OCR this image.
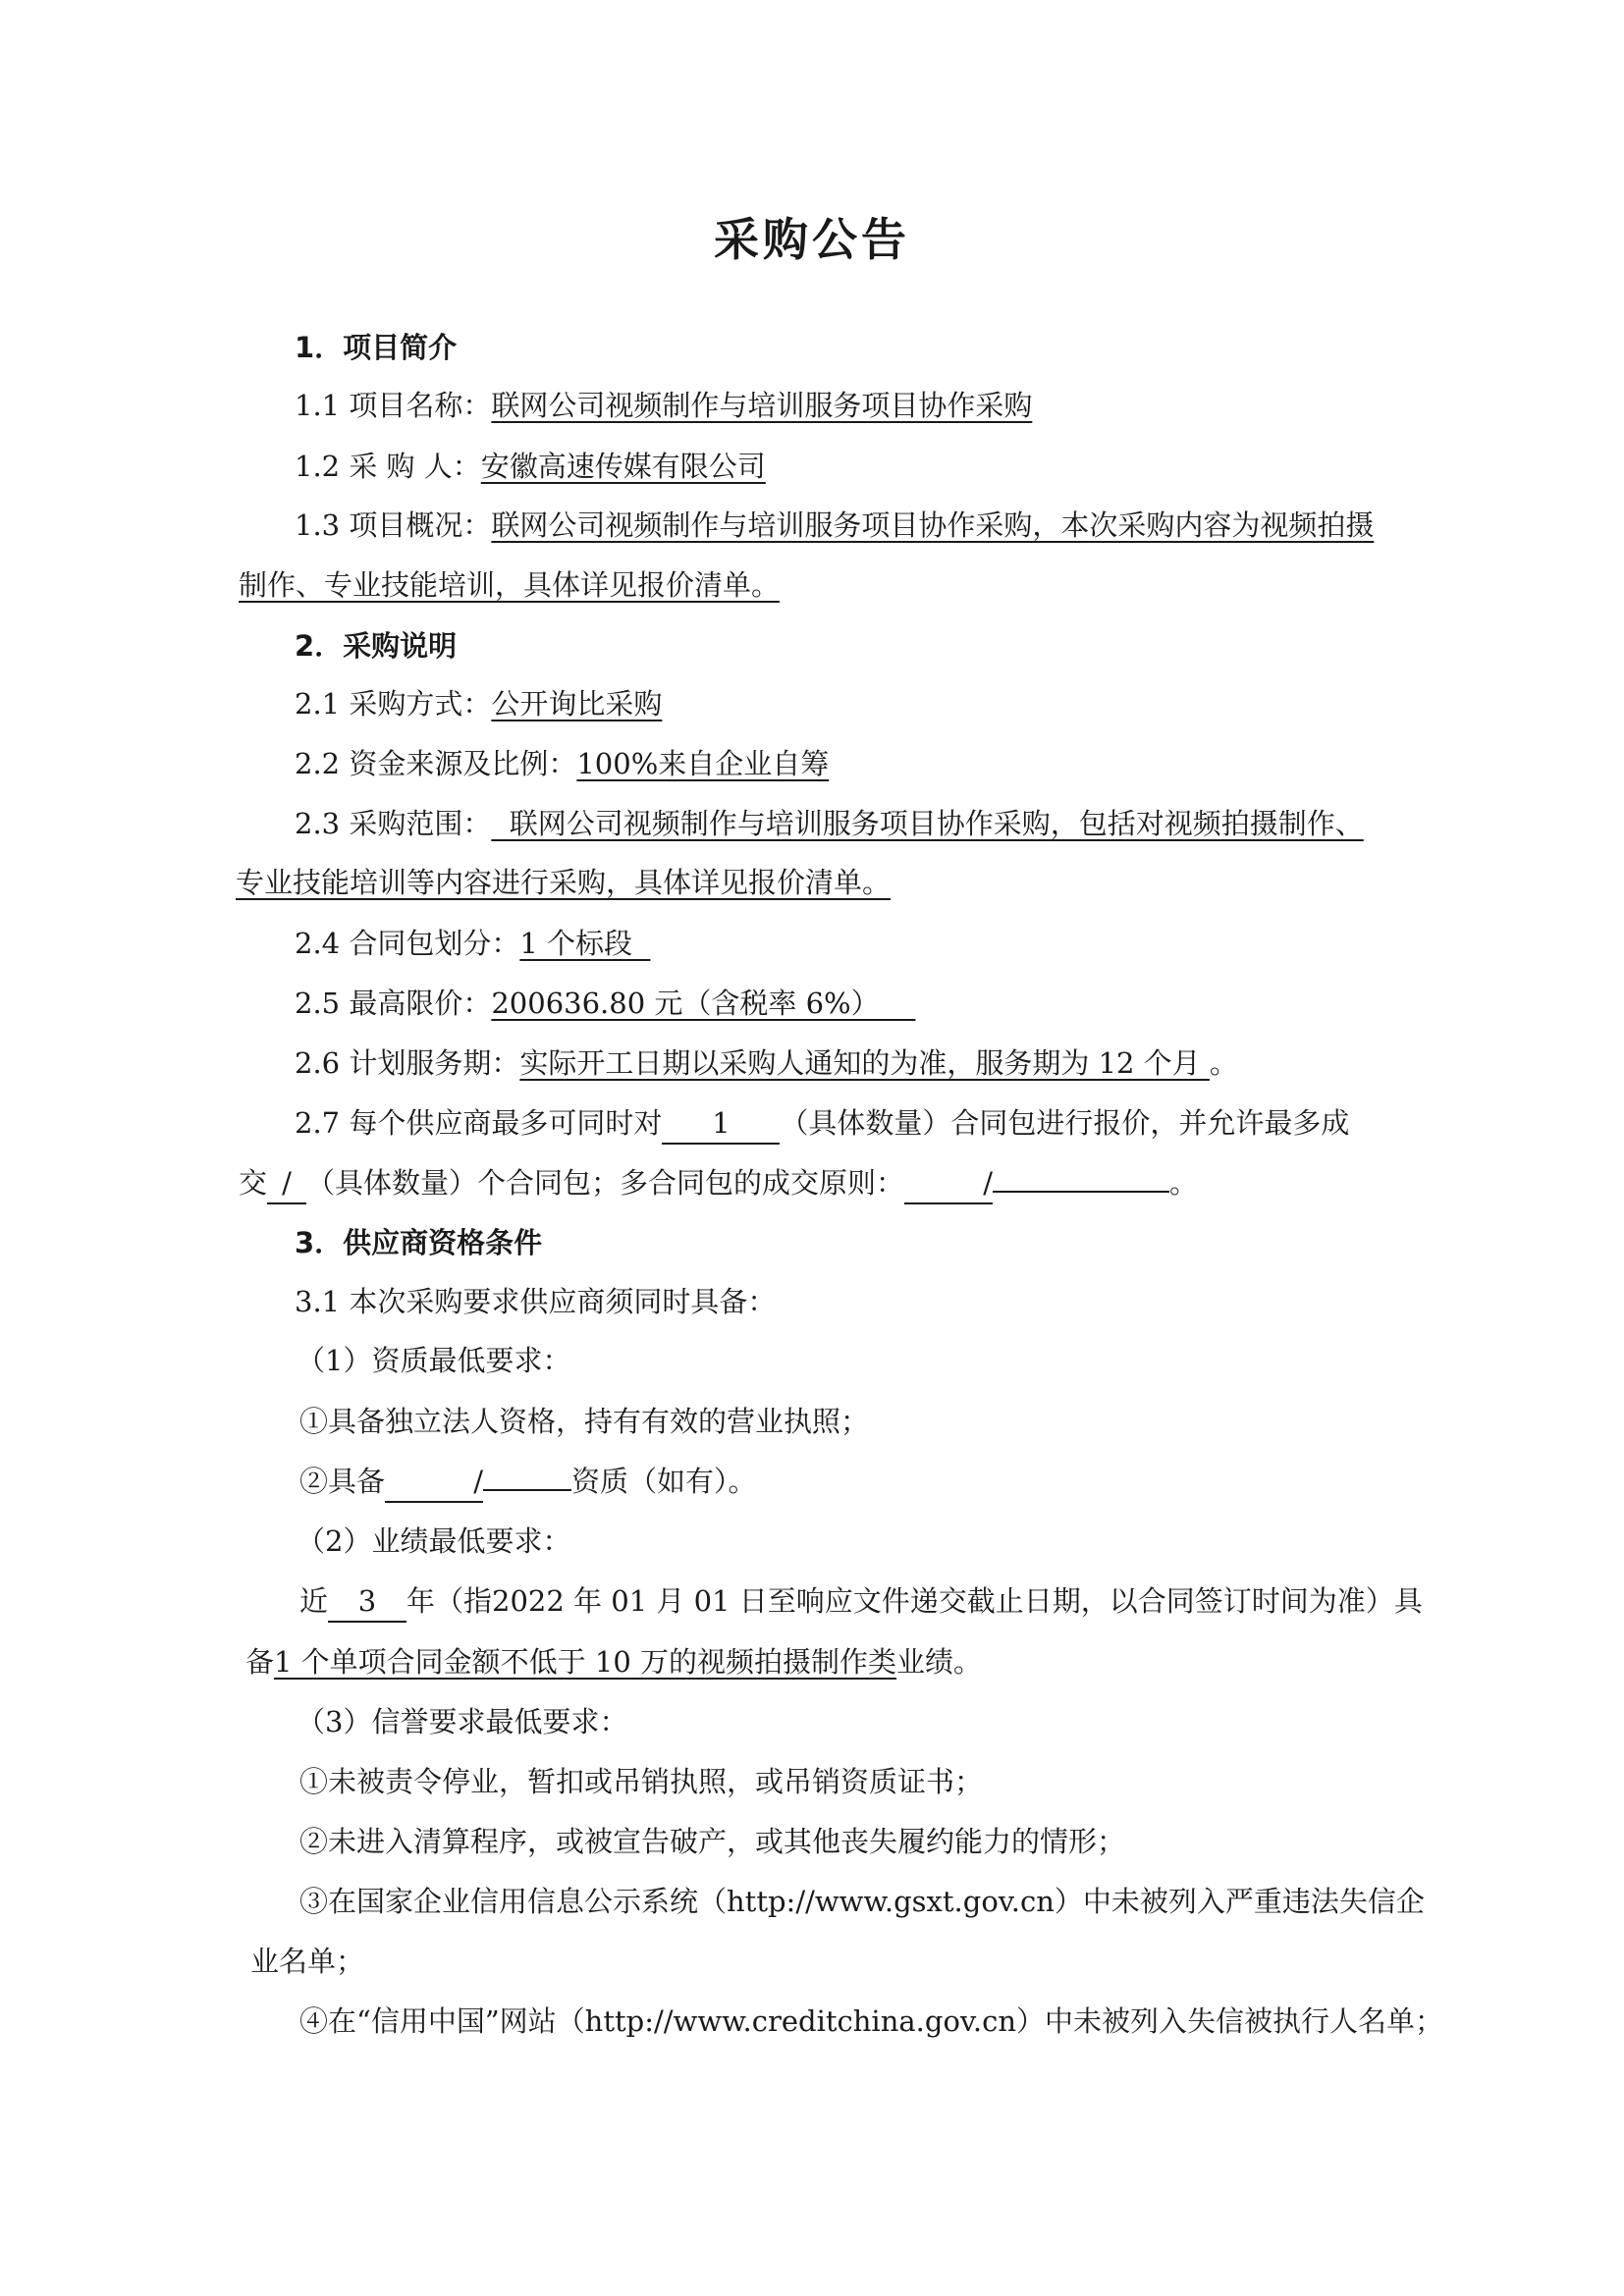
采购公告
1．项目简介
1.1 项目名称：联网公司视频制作与培训服务项目协作采购
1.2 采 购 人：安徽高速传媒有限公司
1.3 项目概况：联网公司视频制作与培训服务项目协作采购，本次采购内容为视频拍摄
制作、专业技能培训，具体详见报价清单。
2．采购说明
2.1 采购方式：公开询比采购
2.2 资金来源及比例：100%来自企业自筹
2.3 采购范围：  联网公司视频制作与培训服务项目协作采购，包括对视频拍摄制作、
专业技能培训等内容进行采购，具体详见报价清单。
2.4 合同包划分：1 个标段
2.5 最高限价：200636.80 元（含税率 6%）
2.6 计划服务期：实际开工日期以采购人通知的为准，服务期为 12 个月 。
2.7 每个供应商最多可同时对 1 （具体数量）合同包进行报价，并允许最多成
交 / （具体数量）个合同包；多合同包的成交原则：	/	。
3．供应商资格条件
3.1 本次采购要求供应商须同时具备：
（1）资质最低要求：
①具备独立法人资格，持有有效的营业执照；
②具备	/	资质（如有）。
（2）业绩最低要求：
近 3 年（指2022 年 01 月 01 日至响应文件递交截止日期，以合同签订时间为准）具
备1 个单项合同金额不低于 10 万的视频拍摄制作类业绩。
（3）信誉要求最低要求：
①未被责令停业，暂扣或吊销执照，或吊销资质证书；
②未进入清算程序，或被宣告破产，或其他丧失履约能力的情形；
③在国家企业信用信息公示系统（http://www.gsxt.gov.cn）中未被列入严重违法失信企
业名单；
④在“信用中国”网站（http://www.creditchina.gov.cn）中未被列入失信被执行人名单；
